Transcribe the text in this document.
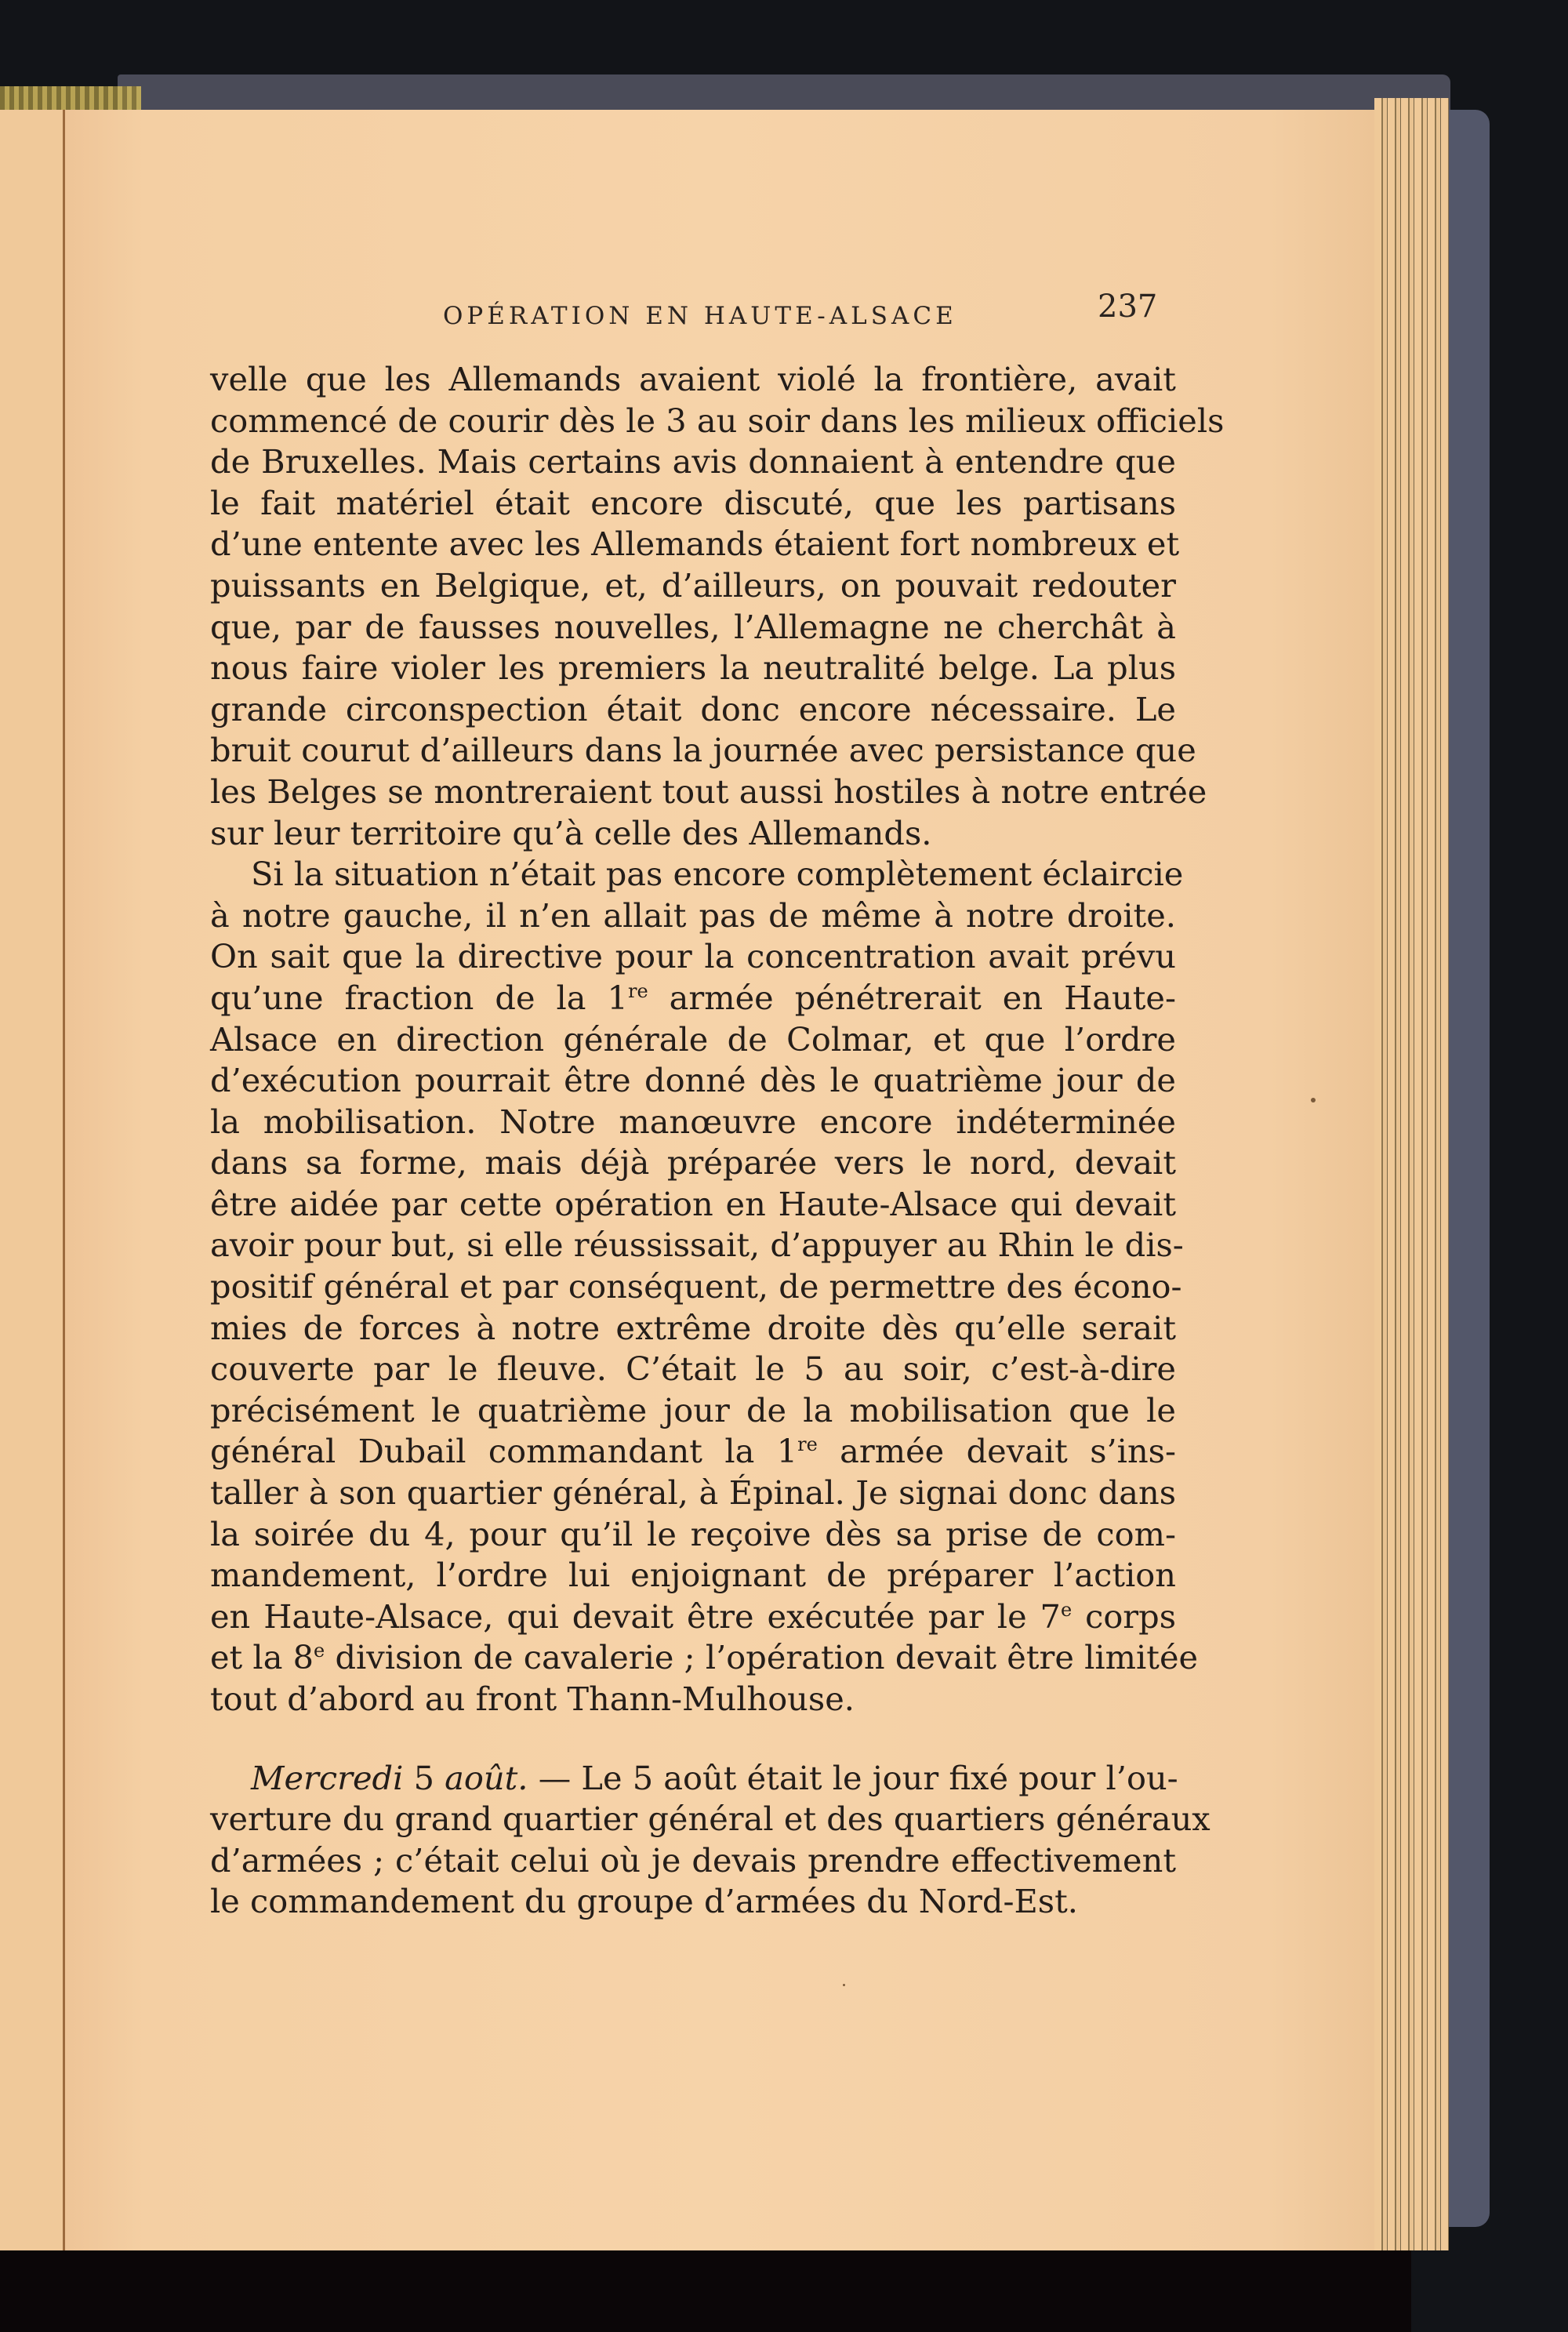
OPÉRATION EN HAUTE-ALSACE	237
velle que les Allemands avaient violé la frontière, avait
commencé de courir dès le 3 au soir dans les milieux officiels
de Bruxelles. Mais certains avis donnaient à entendre que
le fait matériel était encore discuté, que les partisans
d’une entente avec les Allemands étaient fort nombreux et
puissants en Belgique, et, d’ailleurs, on pouvait redouter
que, par de fausses nouvelles, l’Allemagne ne cherchât à
nous faire violer les premiers la neutralité belge. La plus
grande circonspection était donc encore nécessaire. Le
bruit courut d’ailleurs dans la journée avec persistance que
les Belges se montreraient tout aussi hostiles à notre entrée
sur leur territoire qu’à celle des Allemands.
Si la situation n’était pas encore complètement éclaircie
à notre gauche, il n’en allait pas de même à notre droite.
On sait que la directive pour la concentration avait prévu
qu’une fraction de la 1re armée pénétrerait en Haute-
Alsace en direction générale de Colmar, et que l’ordre
d’exécution pourrait être donné dès le quatrième jour de
la mobilisation. Notre manœuvre encore indéterminée
dans sa forme, mais déjà préparée vers le nord, devait
être aidée par cette opération en Haute-Alsace qui devait
avoir pour but, si elle réussissait, d’appuyer au Rhin le dis-
positif général et par conséquent, de permettre des écono-
mies de forces à notre extrême droite dès qu’elle serait
couverte par le fleuve. C’était le 5 au soir, c’est-à-dire
précisément le quatrième jour de la mobilisation que le
général Dubail commandant la 1re armée devait s’ins-
taller à son quartier général, à Épinal. Je signai donc dans
la soirée du 4, pour qu’il le reçoive dès sa prise de com-
mandement, l’ordre lui enjoignant de préparer l’action
en Haute-Alsace, qui devait être exécutée par le 7e corps
et la 8e division de cavalerie ; l’opération devait être limitée
tout d’abord au front Thann-Mulhouse.
Mercredi 5 août. — Le 5 août était le jour fixé pour l’ou-
verture du grand quartier général et des quartiers généraux
d’armées ; c’était celui où je devais prendre effectivement
le commandement du groupe d’armées du Nord-Est.
